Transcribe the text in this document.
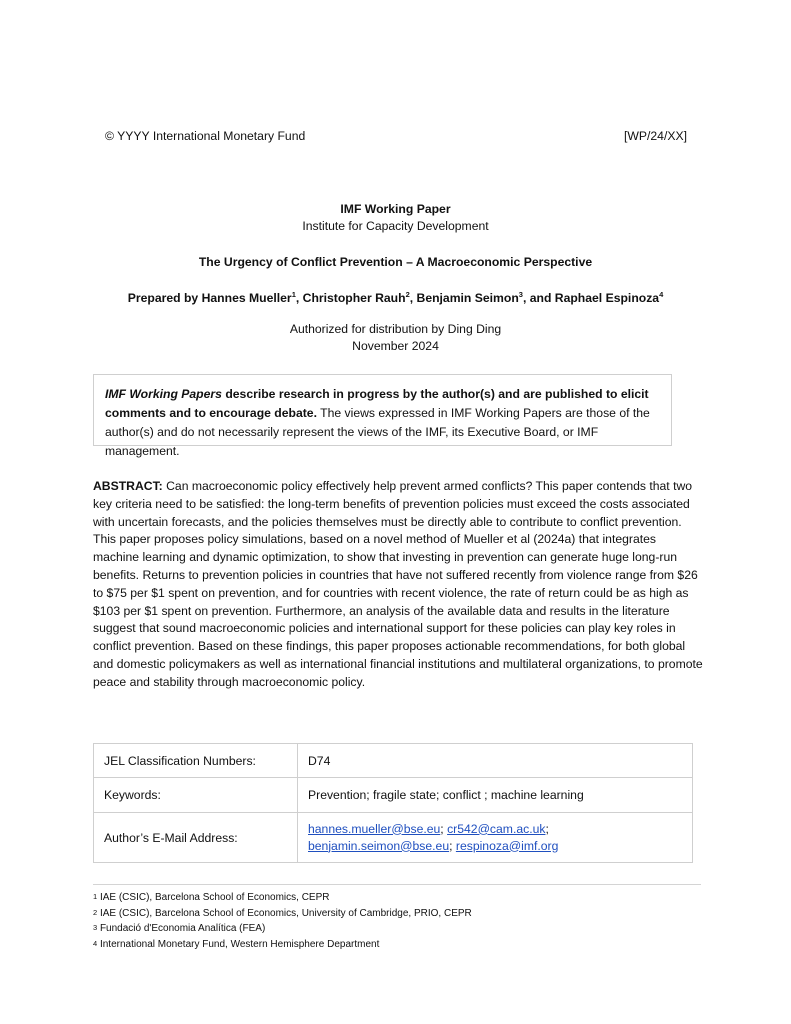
© YYYY International Monetary Fund	[WP/24/XX]
IMF Working Paper
Institute for Capacity Development
The Urgency of Conflict Prevention – A Macroeconomic Perspective
Prepared by Hannes Mueller$^1$, Christopher Rauh$^2$, Benjamin Seimon$^3$, and Raphael Espinoza$^4$
Authorized for distribution by Ding Ding
November 2024
IMF Working Papers describe research in progress by the author(s) and are published to elicit comments and to encourage debate. The views expressed in IMF Working Papers are those of the author(s) and do not necessarily represent the views of the IMF, its Executive Board, or IMF management.
ABSTRACT: Can macroeconomic policy effectively help prevent armed conflicts? This paper contends that two key criteria need to be satisfied: the long-term benefits of prevention policies must exceed the costs associated with uncertain forecasts, and the policies themselves must be directly able to contribute to conflict prevention. This paper proposes policy simulations, based on a novel method of Mueller et al (2024a) that integrates machine learning and dynamic optimization, to show that investing in prevention can generate huge long-run benefits. Returns to prevention policies in countries that have not suffered recently from violence range from $26 to $75 per $1 spent on prevention, and for countries with recent violence, the rate of return could be as high as $103 per $1 spent on prevention. Furthermore, an analysis of the available data and results in the literature suggest that sound macroeconomic policies and international support for these policies can play key roles in conflict prevention. Based on these findings, this paper proposes actionable recommendations, for both global and domestic policymakers as well as international financial institutions and multilateral organizations, to promote peace and stability through macroeconomic policy.
JEL Classification Numbers:	D74
Keywords:	Prevention; fragile state; conflict ; machine learning
Author’s E-Mail Address:	hannes.mueller@bse.eu; cr542@cam.ac.uk;
benjamin.seimon@bse.eu; respinoza@imf.org
$^1$ IAE (CSIC), Barcelona School of Economics, CEPR
$^2$ IAE (CSIC), Barcelona School of Economics, University of Cambridge, PRIO, CEPR
$^3$ Fundació d'Economia Analítica (FEA)
$^4$ International Monetary Fund, Western Hemisphere Department
